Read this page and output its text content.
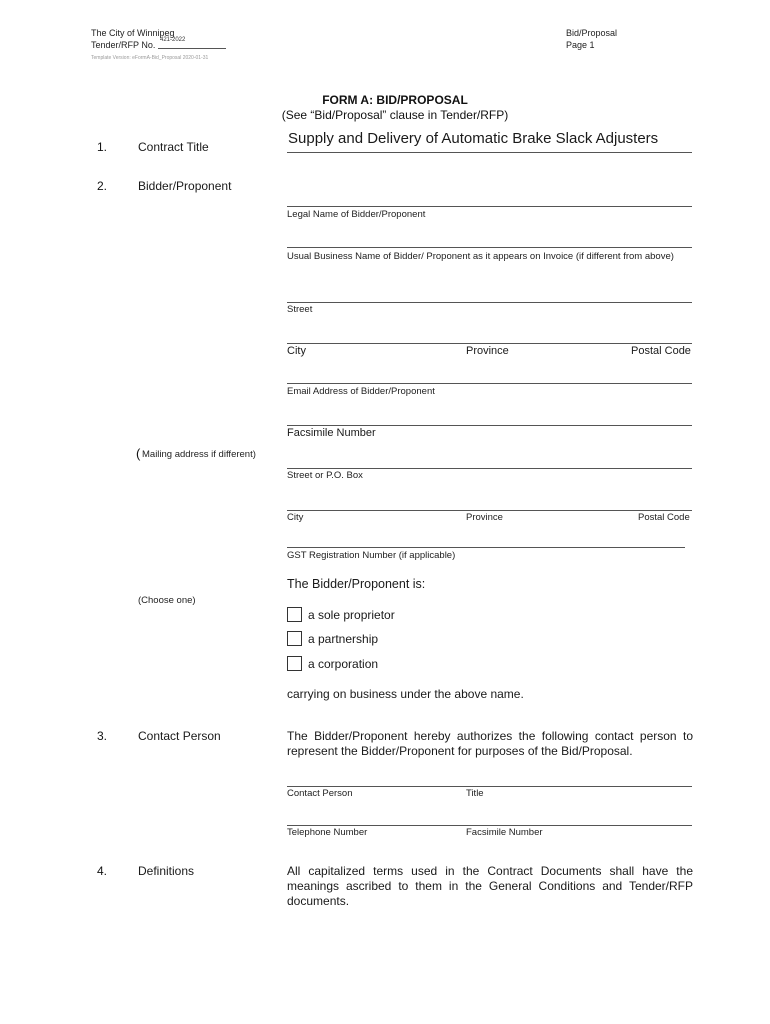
The City of Winnipeg
Tender/RFP No. 421-2022
Bid/Proposal
Page 1
Template Version: eFormA-Bid_Proposal 2020-01-31
FORM A: BID/PROPOSAL
(See “Bid/Proposal” clause in Tender/RFP)
1.	Contract Title	Supply and Delivery of Automatic Brake Slack Adjusters
2.	Bidder/Proponent
Legal Name of Bidder/Proponent
Usual Business Name of Bidder/ Proponent as it appears on Invoice (if different from above)
Street
City	Province	Postal Code
Email Address of Bidder/Proponent
Facsimile Number
( Mailing address if different)
Street or P.O. Box
City	Province	Postal Code
GST Registration Number (if applicable)
The Bidder/Proponent is:
(Choose one)
a sole proprietor
a partnership
a corporation
carrying on business under the above name.
3.	Contact Person	The Bidder/Proponent hereby authorizes the following contact person to represent the Bidder/Proponent for purposes of the Bid/Proposal.
Contact Person	Title
Telephone Number	Facsimile Number
4.	Definitions	All capitalized terms used in the Contract Documents shall have the meanings ascribed to them in the General Conditions and Tender/RFP documents.
